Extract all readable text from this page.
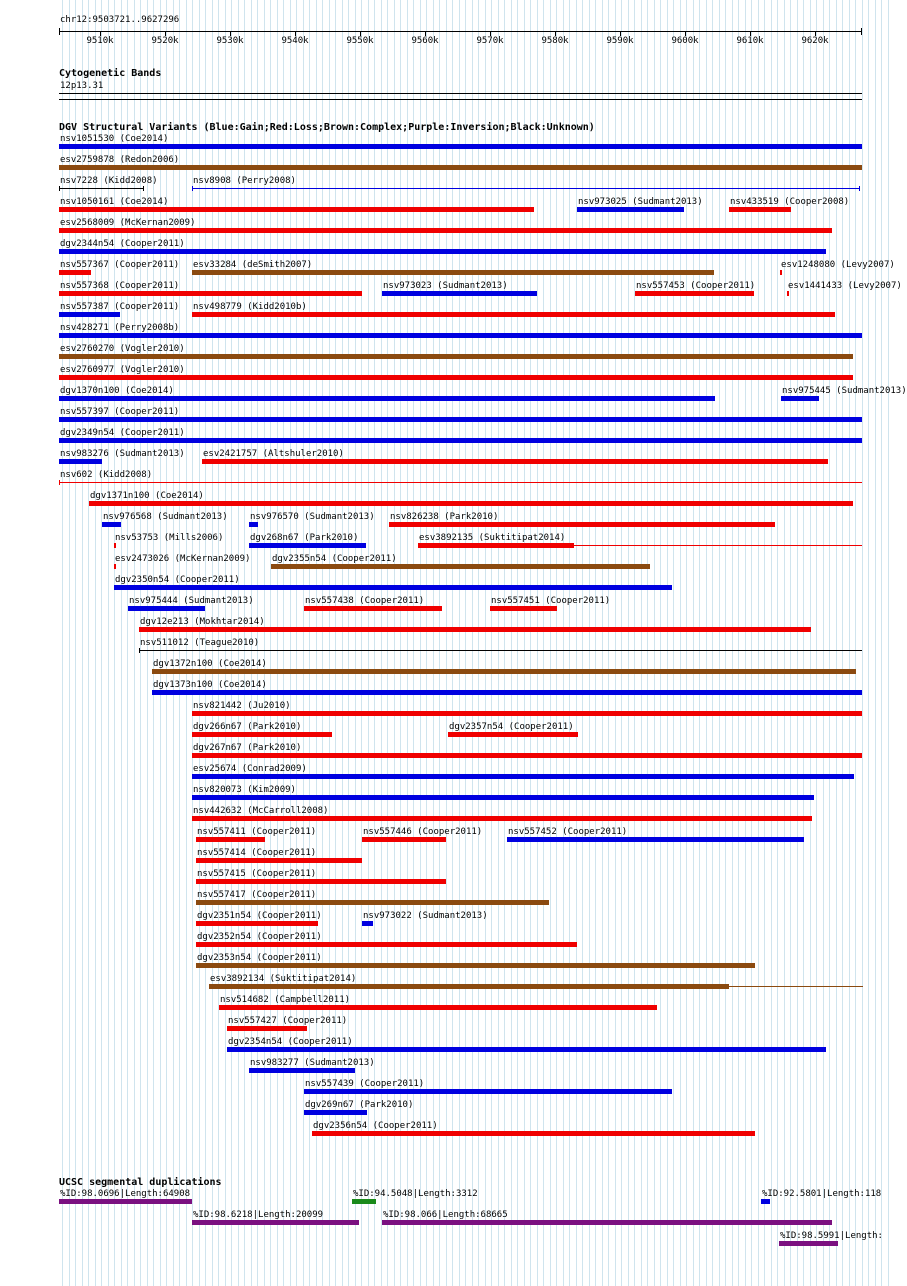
chr12:9503721..9627296
9510k	9520k	9530k	9540k	9550k	9560k	9570k	9580k	9590k	9600k	9610k	9620k
Cytogenetic Bands
12p13.31
DGV Structural Variants (Blue:Gain;Red:Loss;Brown:Complex;Purple:Inversion;Black:Unknown)
nsv1051530 (Coe2014)
esv2759878 (Redon2006)
nsv7228 (Kidd2008)	nsv8908 (Perry2008)
nsv1050161 (Coe2014)	nsv973025 (Sudmant2013)	nsv433519 (Cooper2008)
esv2568009 (McKernan2009)
dgv2344n54 (Cooper2011)
nsv557367 (Cooper2011) esv33284 (deSmith2007)	esv1248080 (Levy2007)
nsv557368 (Cooper2011)	nsv973023 (Sudmant2013)	nsv557453 (Cooper2011)	esv1441433 (Levy2007)
nsv557387 (Cooper2011) nsv498779 (Kidd2010b)
nsv428271 (Perry2008b)
esv2760270 (Vogler2010)
esv2760977 (Vogler2010)
dgv1370n100 (Coe2014)	nsv975445 (Sudmant2013)
nsv557397 (Cooper2011)
dgv2349n54 (Cooper2011)
nsv983276 (Sudmant2013) esv2421757 (Altshuler2010)
nsv602 (Kidd2008)
dgv1371n100 (Coe2014)
nsv976568 (Sudmant2013) nsv976570 (Sudmant2013) nsv826238 (Park2010)
nsv53753 (Mills2006)	dgv268n67 (Park2010)	esv3892135 (Suktitipat2014)
esv2473026 (McKernan2009) dgv2355n54 (Cooper2011)
dgv2350n54 (Cooper2011)
nsv975444 (Sudmant2013)	nsv557438 (Cooper2011)	nsv557451 (Cooper2011)
dgv12e213 (Mokhtar2014)
nsv511012 (Teague2010)
dgv1372n100 (Coe2014)
dgv1373n100 (Coe2014)
nsv821442 (Ju2010)
dgv266n67 (Park2010)	dgv2357n54 (Cooper2011)
dgv267n67 (Park2010)
esv25674 (Conrad2009)
nsv820073 (Kim2009)
nsv442632 (McCarroll2008)
nsv557411 (Cooper2011)	nsv557446 (Cooper2011)	nsv557452 (Cooper2011)
nsv557414 (Cooper2011)
nsv557415 (Cooper2011)
nsv557417 (Cooper2011)
dgv2351n54 (Cooper2011)	nsv973022 (Sudmant2013)
dgv2352n54 (Cooper2011)
dgv2353n54 (Cooper2011)
esv3892134 (Suktitipat2014)
nsv514682 (Campbell2011)
nsv557427 (Cooper2011)
dgv2354n54 (Cooper2011)
nsv983277 (Sudmant2013)
nsv557439 (Cooper2011)
dgv269n67 (Park2010)
dgv2356n54 (Cooper2011)
UCSC segmental duplications
%ID:98.0696|Length:64908	%ID:94.5048|Length:3312	%ID:92.5801|Length:118
%ID:98.6218|Length:20099	%ID:98.066|Length:68665
%ID:98.5991|Length:
